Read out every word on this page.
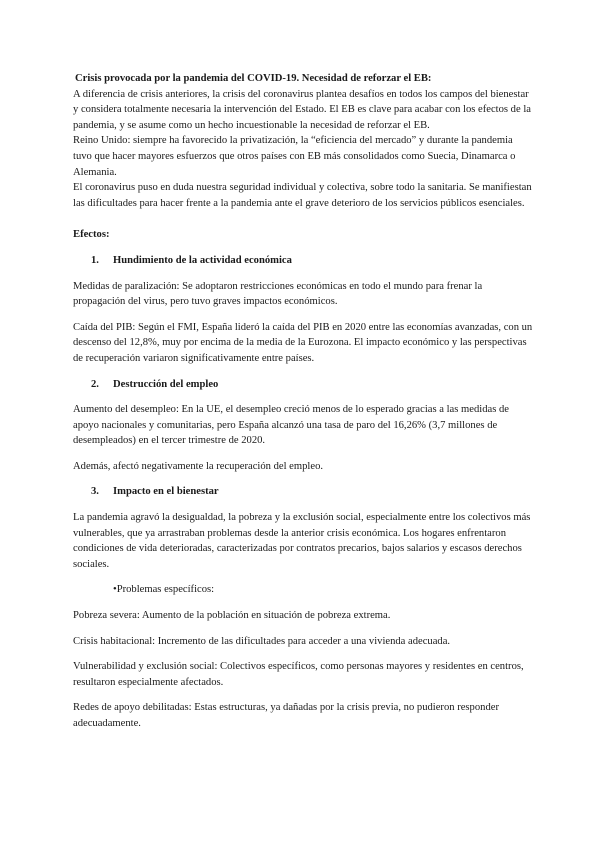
Crisis provocada por la pandemia del COVID-19. Necesidad de reforzar el EB:

A diferencia de crisis anteriores, la crisis del coronavirus plantea desafíos en todos los campos del bienestar y considera totalmente necesaria la intervención del Estado. El EB es clave para acabar con los efectos de la pandemia, y se asume como un hecho incuestionable la necesidad de reforzar el EB.

Reino Unido: siempre ha favorecido la privatización, la “eficiencia del mercado” y durante la pandemia tuvo que hacer mayores esfuerzos que otros países con EB más consolidados como Suecia, Dinamarca o Alemania.

El coronavirus puso en duda nuestra seguridad individual y colectiva, sobre todo la sanitaria. Se manifiestan las dificultades para hacer frente a la pandemia ante el grave deterioro de los servicios públicos esenciales.

Efectos:

1.	Hundimiento de la actividad económica

Medidas de paralización: Se adoptaron restricciones económicas en todo el mundo para frenar la propagación del virus, pero tuvo graves impactos económicos.

Caída del PIB: Según el FMI, España lideró la caída del PIB en 2020 entre las economías avanzadas, con un descenso del 12,8%, muy por encima de la media de la Eurozona. El impacto económico y las perspectivas de recuperación variaron significativamente entre países.

2.	Destrucción del empleo

Aumento del desempleo: En la UE, el desempleo creció menos de lo esperado gracias a las medidas de apoyo nacionales y comunitarias, pero España alcanzó una tasa de paro del 16,26% (3,7 millones de desempleados) en el tercer trimestre de 2020.

Además, afectó negativamente la recuperación del empleo.

3.	Impacto en el bienestar

La pandemia agravó la desigualdad, la pobreza y la exclusión social, especialmente entre los colectivos más vulnerables, que ya arrastraban problemas desde la anterior crisis económica. Los hogares enfrentaron condiciones de vida deterioradas, caracterizadas por contratos precarios, bajos salarios y escasos derechos sociales.

•Problemas específicos:

Pobreza severa: Aumento de la población en situación de pobreza extrema.

Crisis habitacional: Incremento de las dificultades para acceder a una vivienda adecuada.

Vulnerabilidad y exclusión social: Colectivos específicos, como personas mayores y residentes en centros, resultaron especialmente afectados.

Redes de apoyo debilitadas: Estas estructuras, ya dañadas por la crisis previa, no pudieron responder adecuadamente.
